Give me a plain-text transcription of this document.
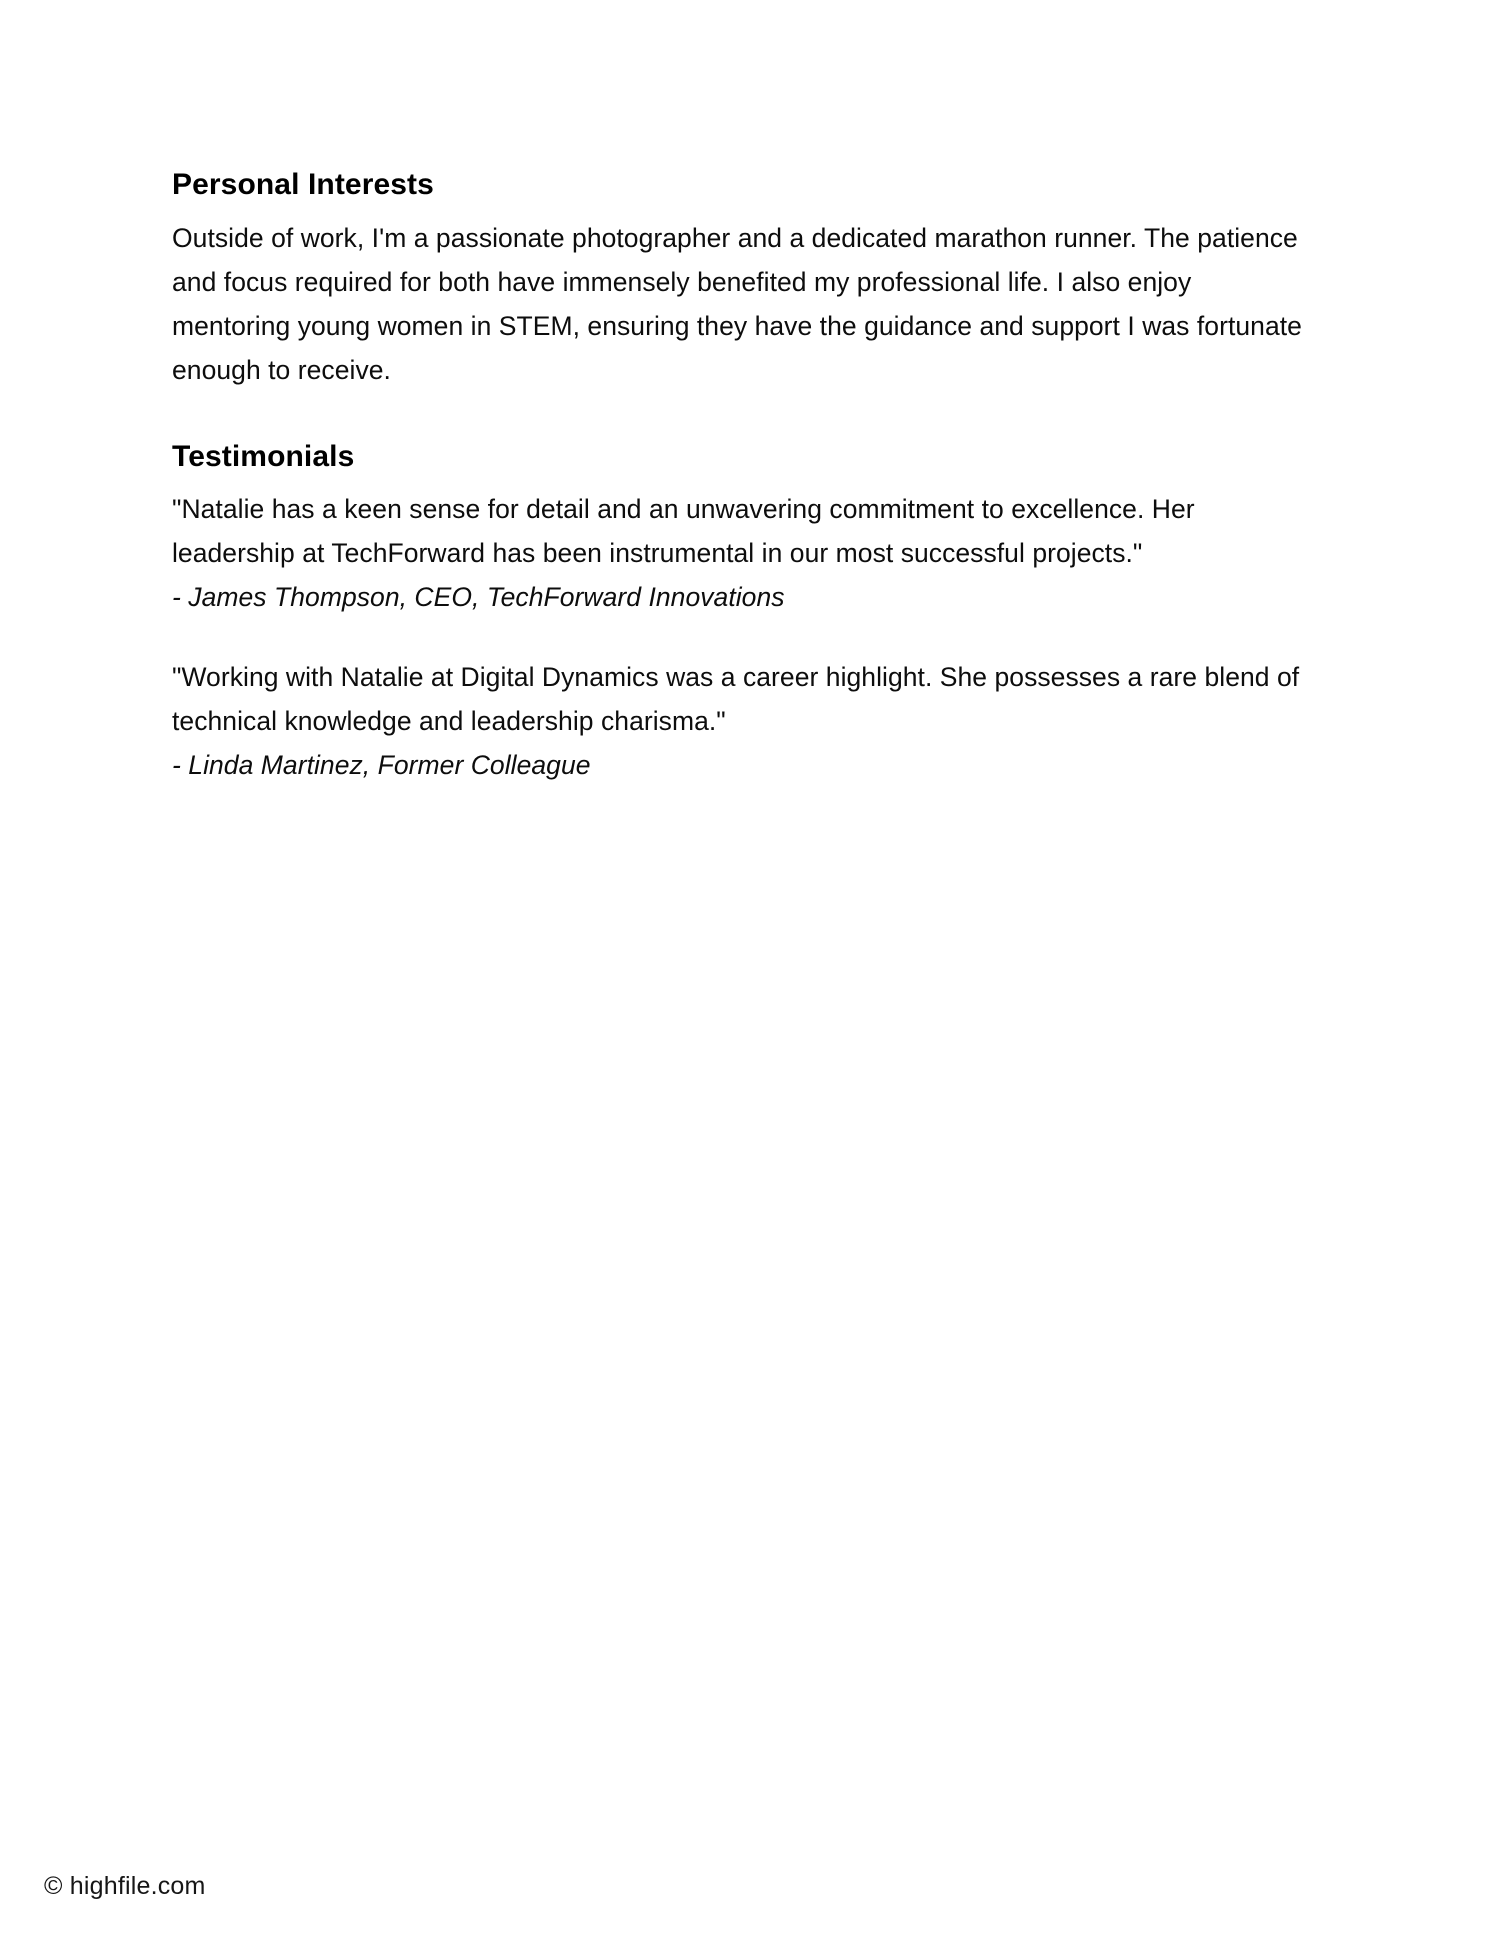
Personal Interests

Outside of work, I'm a passionate photographer and a dedicated marathon runner. The patience and focus required for both have immensely benefited my professional life. I also enjoy mentoring young women in STEM, ensuring they have the guidance and support I was fortunate enough to receive.

Testimonials

"Natalie has a keen sense for detail and an unwavering commitment to excellence. Her leadership at TechForward has been instrumental in our most successful projects."

- James Thompson, CEO, TechForward Innovations

"Working with Natalie at Digital Dynamics was a career highlight. She possesses a rare blend of technical knowledge and leadership charisma."

- Linda Martinez, Former Colleague

© highfile.com
